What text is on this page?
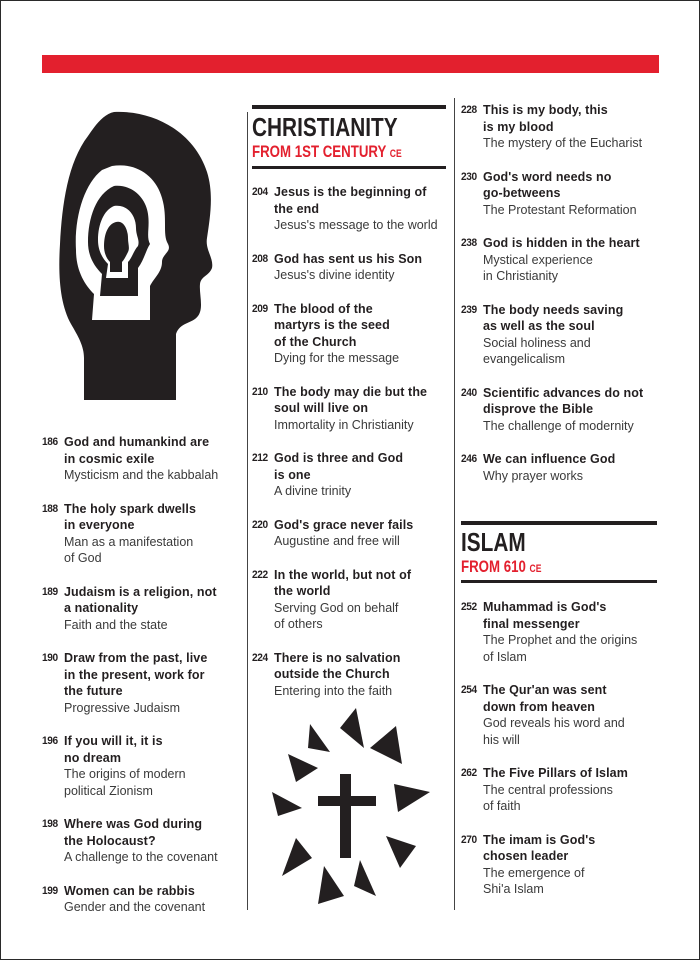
186 God and humankind are
in cosmic exile
Mysticism and the kabbalah
188 The holy spark dwells
in everyone
Man as a manifestation
of God
189 Judaism is a religion, not
a nationality
Faith and the state
190 Draw from the past, live
in the present, work for
the future
Progressive Judaism
196 If you will it, it is
no dream
The origins of modern
political Zionism
198 Where was God during
the Holocaust?
A challenge to the covenant
199 Women can be rabbis
Gender and the covenant
CHRISTIANITY
FROM 1ST CENTURY CE
204 Jesus is the beginning of
the end
Jesus's message to the world
208 God has sent us his Son
Jesus's divine identity
209 The blood of the
martyrs is the seed
of the Church
Dying for the message
210 The body may die but the
soul will live on
Immortality in Christianity
212 God is three and God
is one
A divine trinity
220 God's grace never fails
Augustine and free will
222 In the world, but not of
the world
Serving God on behalf
of others
224 There is no salvation
outside the Church
Entering into the faith
228 This is my body, this
is my blood
The mystery of the Eucharist
230 God's word needs no
go-betweens
The Protestant Reformation
238 God is hidden in the heart
Mystical experience
in Christianity
239 The body needs saving
as well as the soul
Social holiness and
evangelicalism
240 Scientific advances do not
disprove the Bible
The challenge of modernity
246 We can influence God
Why prayer works
ISLAM
FROM 610 CE
252 Muhammad is God's
final messenger
The Prophet and the origins
of Islam
254 The Qur'an was sent
down from heaven
God reveals his word and
his will
262 The Five Pillars of Islam
The central professions
of faith
270 The imam is God's
chosen leader
The emergence of
Shi'a Islam
